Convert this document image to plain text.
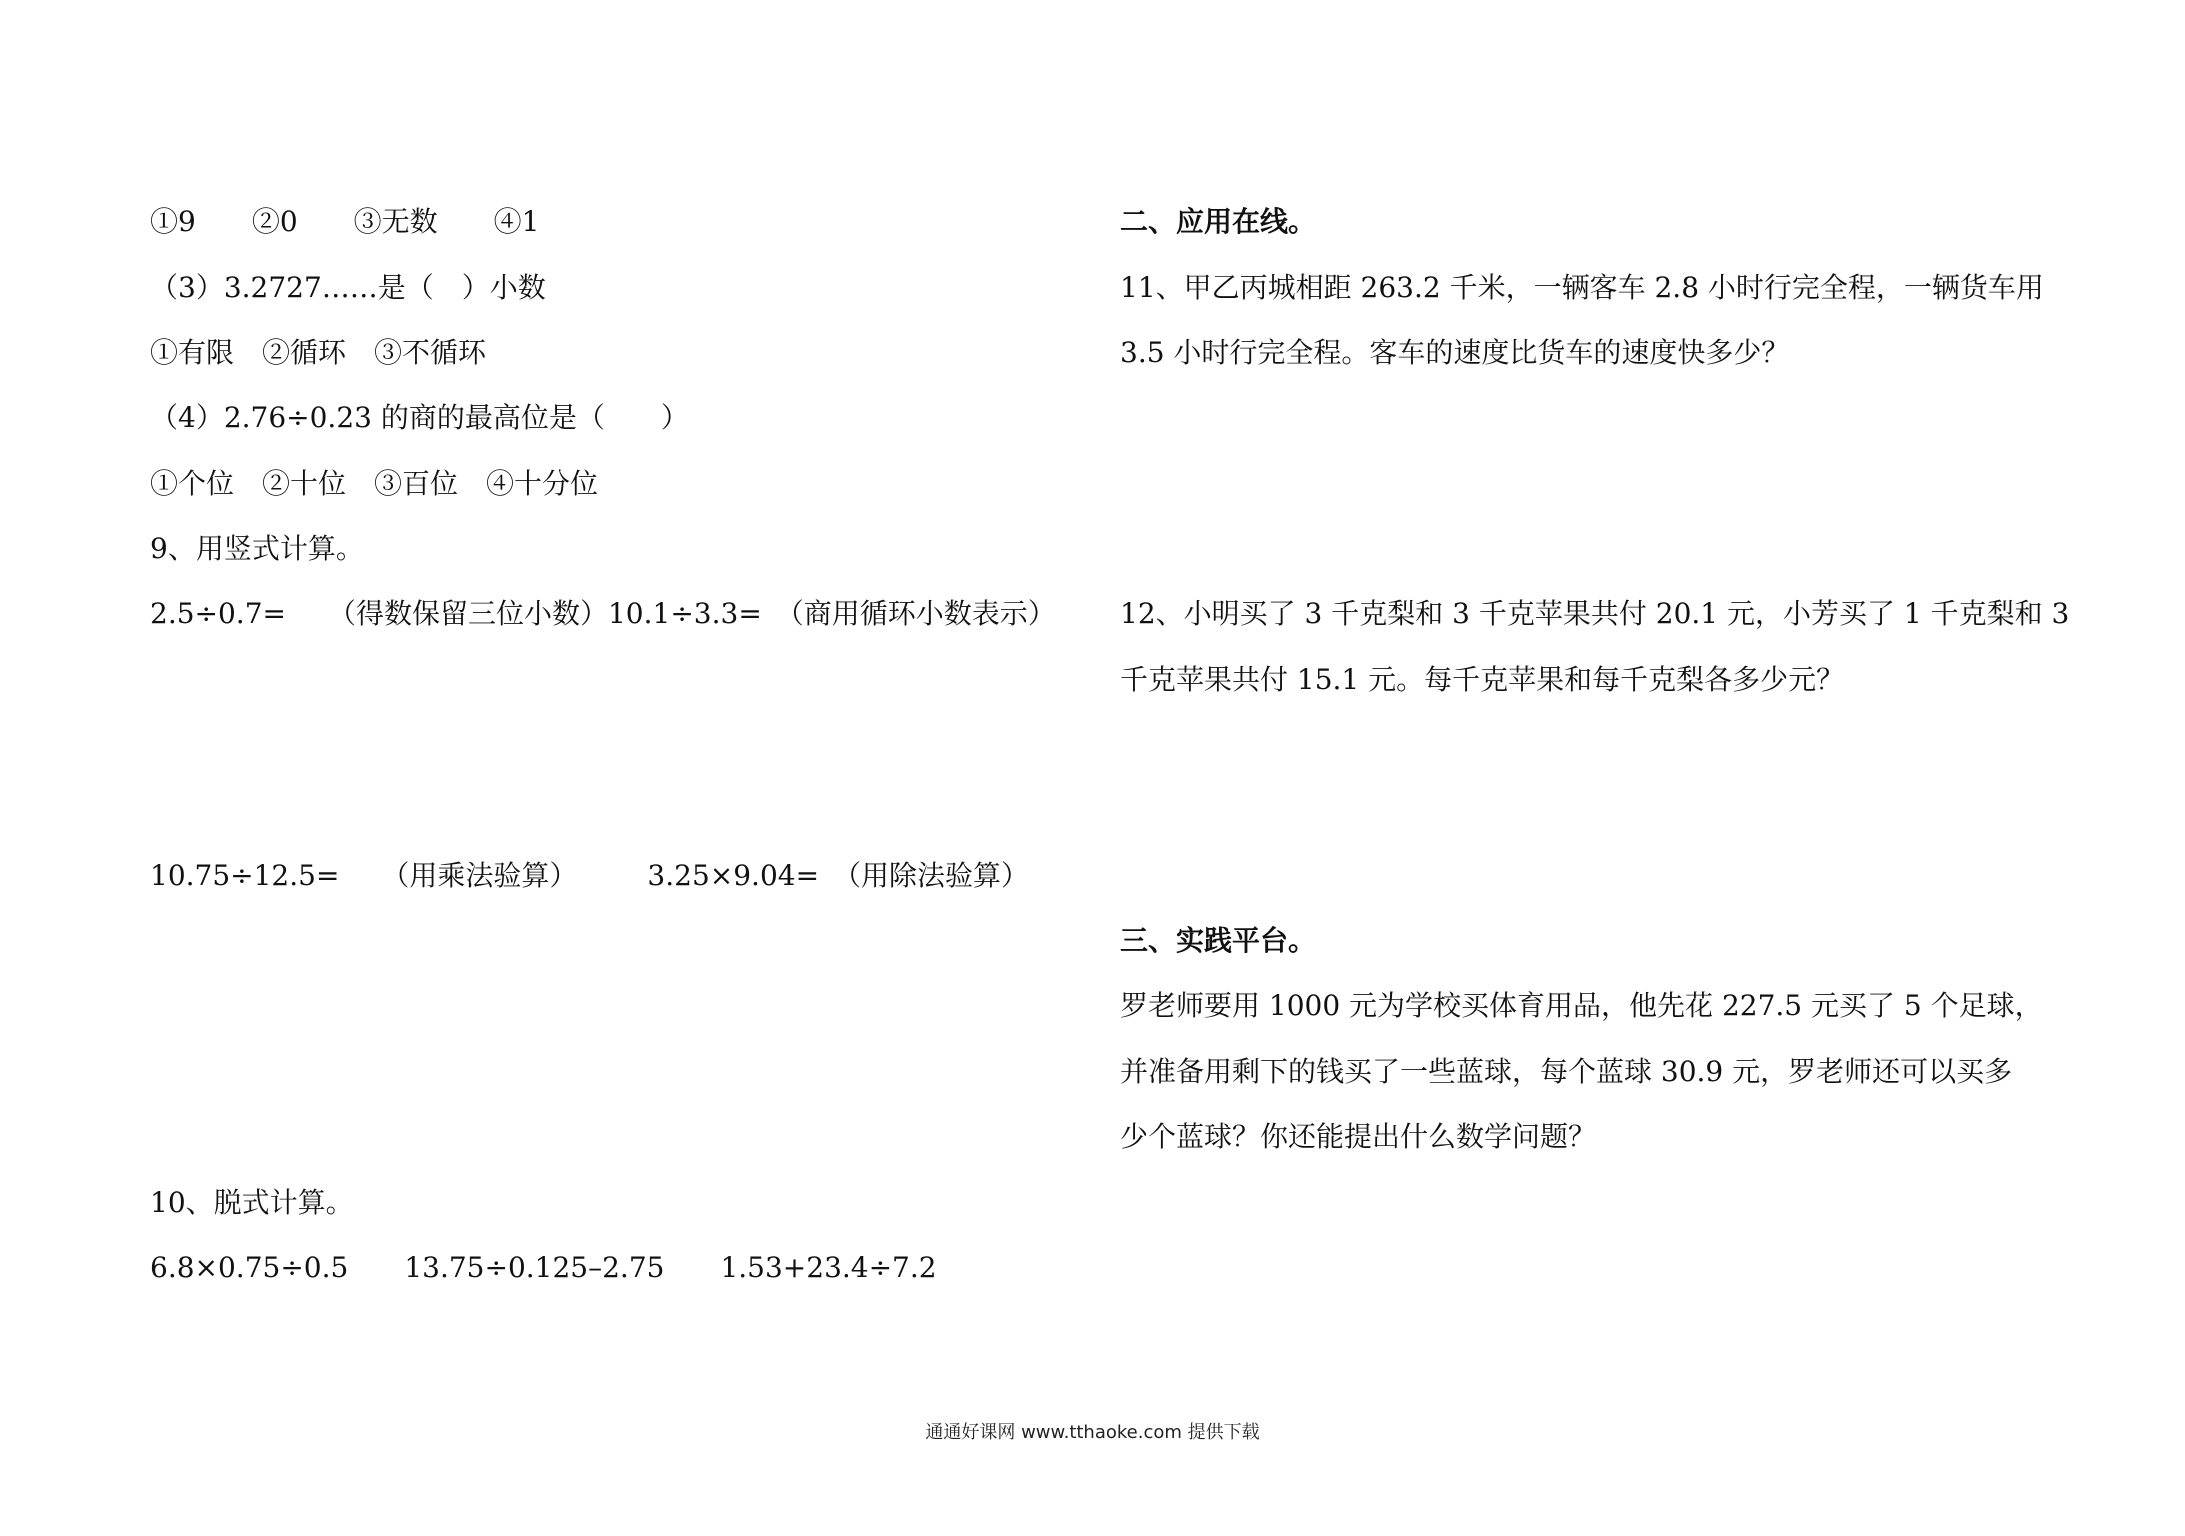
①9　　②0　　③无数　　④1
（3）3.2727……是（　）小数
①有限　②循环　③不循环
（4）2.76÷0.23 的商的最高位是（　　）
①个位　②十位　③百位　④十分位
9、用竖式计算。
2.5÷0.7=　　（得数保留三位小数）10.1÷3.3=　（商用循环小数表示）
10.75÷12.5=　　（用乘法验算）　　　3.25×9.04=　（用除法验算）
10、脱式计算。
6.8×0.75÷0.5　　13.75÷0.125–2.75　　1.53+23.4÷7.2
二、应用在线。
11、甲乙丙城相距 263.2 千米，一辆客车 2.8 小时行完全程，一辆货车用
3.5 小时行完全程。客车的速度比货车的速度快多少？
12、小明买了 3 千克梨和 3 千克苹果共付 20.1 元，小芳买了 1 千克梨和 3
千克苹果共付 15.1 元。每千克苹果和每千克梨各多少元？
三、实践平台。
罗老师要用 1000 元为学校买体育用品，他先花 227.5 元买了 5 个足球，
并准备用剩下的钱买了一些蓝球，每个蓝球 30.9 元，罗老师还可以买多
少个蓝球？你还能提出什么数学问题？
通通好课网 www.tthaoke.com 提供下载
